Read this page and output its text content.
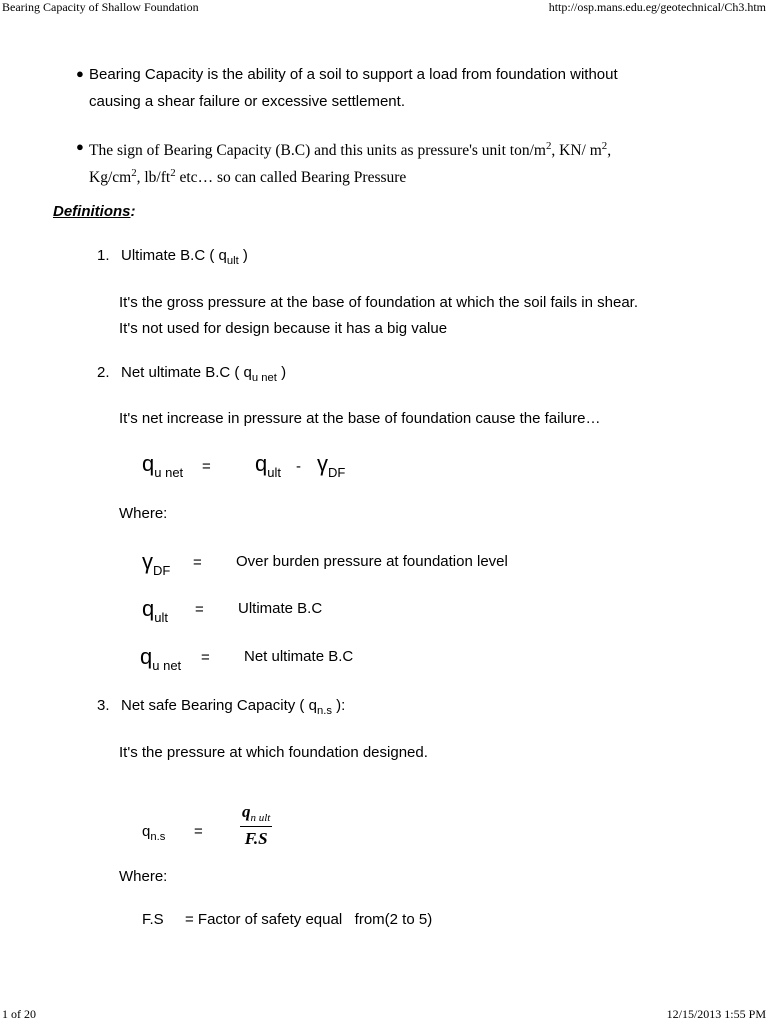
Bearing Capacity of Shallow Foundation	http://osp.mans.edu.eg/geotechnical/Ch3.htm
● Bearing Capacity is the ability of a soil to support a load from foundation without
causing a shear failure or excessive settlement.
● The sign of Bearing Capacity (B.C) and this units as pressure's unit ton/$m^2$, KN/ $m^2$,
$Kg/cm^2$, $lb/ft^2$ etc… so can called Bearing Pressure
Definitions:
1. Ultimate B.C ( $q_{ult}$ )
It's the gross pressure at the base of foundation at which the soil fails in shear.
It's not used for design because it has a big value
2. Net ultimate B.C ( $q_{u net}$ )
It's net increase in pressure at the base of foundation cause the failure…
$q_{u net} = q_{ult} - \gamma_{DF}$
Where:
$\gamma_{DF}$ = Over burden pressure at foundation level
$q_{ult}$ = Ultimate B.C
$q_{u net}$ = Net ultimate B.C
3. Net safe Bearing Capacity ( $q_{n.s}$ ):
It's the pressure at which foundation designed.
$q_{n.s}$ =
$q_{n ult}$
F.S
Where:
F.S = Factor of safety equal   from(2 to 5)
1 of 20	12/15/2013 1:55 PM
